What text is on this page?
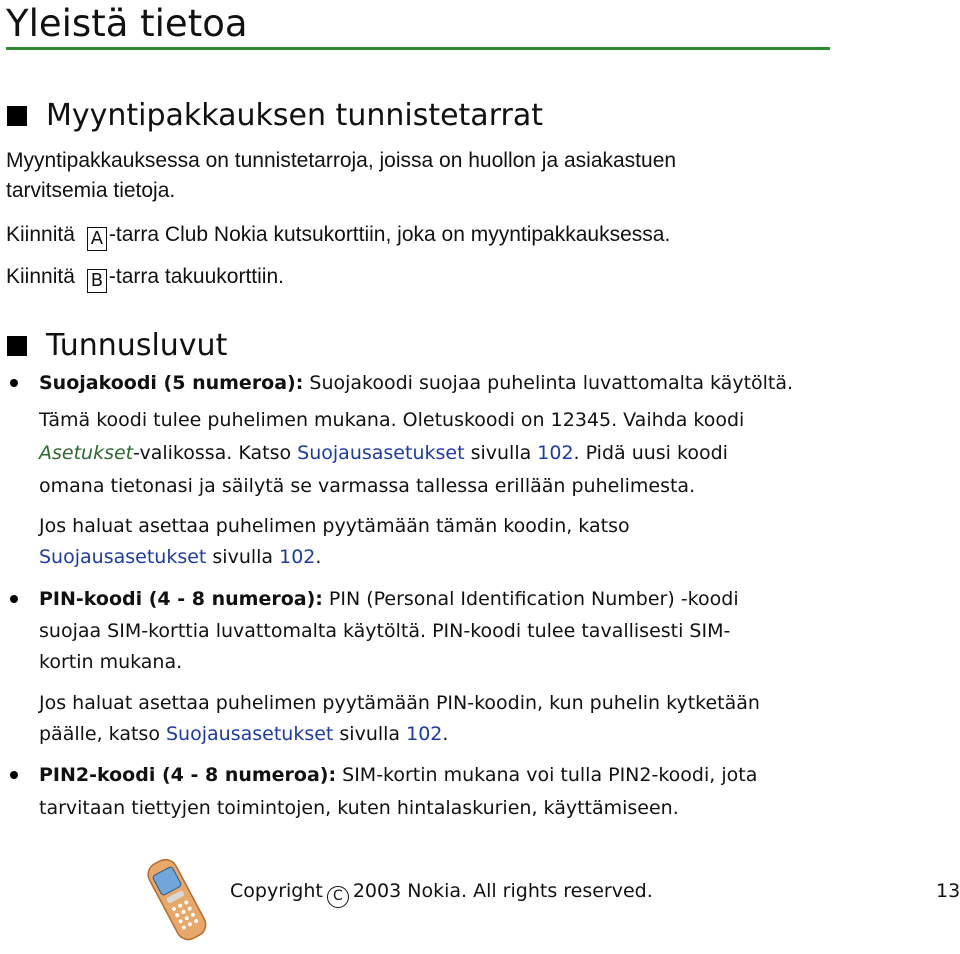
Yleistä tietoa
Myyntipakkauksen tunnistetarrat

Myyntipakkauksessa on tunnistetarroja, joissa on huollon ja asiakastuen

tarvitsemia tietoja.

Kiinnitä A -tarra Club Nokia kutsukorttiin, joka on myyntipakkauksessa.

Kiinnitä B -tarra takuukorttiin.

Tunnusluvut

Suojakoodi (5 numeroa): Suojakoodi suojaa puhelinta luvattomalta käytöltä.

Tämä koodi tulee puhelimen mukana. Oletuskoodi on 12345. Vaihda koodi

Asetukset-valikossa. Katso Suojausasetukset sivulla 102. Pidä uusi koodi

omana tietonasi ja säilytä se varmassa tallessa erillään puhelimesta.

Jos haluat asettaa puhelimen pyytämään tämän koodin, katso

Suojausasetukset sivulla 102.

PIN-koodi (4 - 8 numeroa): PIN (Personal Identification Number) -koodi

suojaa SIM-korttia luvattomalta käytöltä. PIN-koodi tulee tavallisesti SIM-

kortin mukana.

Jos haluat asettaa puhelimen pyytämään PIN-koodin, kun puhelin kytketään

päälle, katso Suojausasetukset sivulla 102.

PIN2-koodi (4 - 8 numeroa): SIM-kortin mukana voi tulla PIN2-koodi, jota

tarvitaan tiettyjen toimintojen, kuten hintalaskurien, käyttämiseen.

Copyright C 2003 Nokia. All rights reserved.	13
